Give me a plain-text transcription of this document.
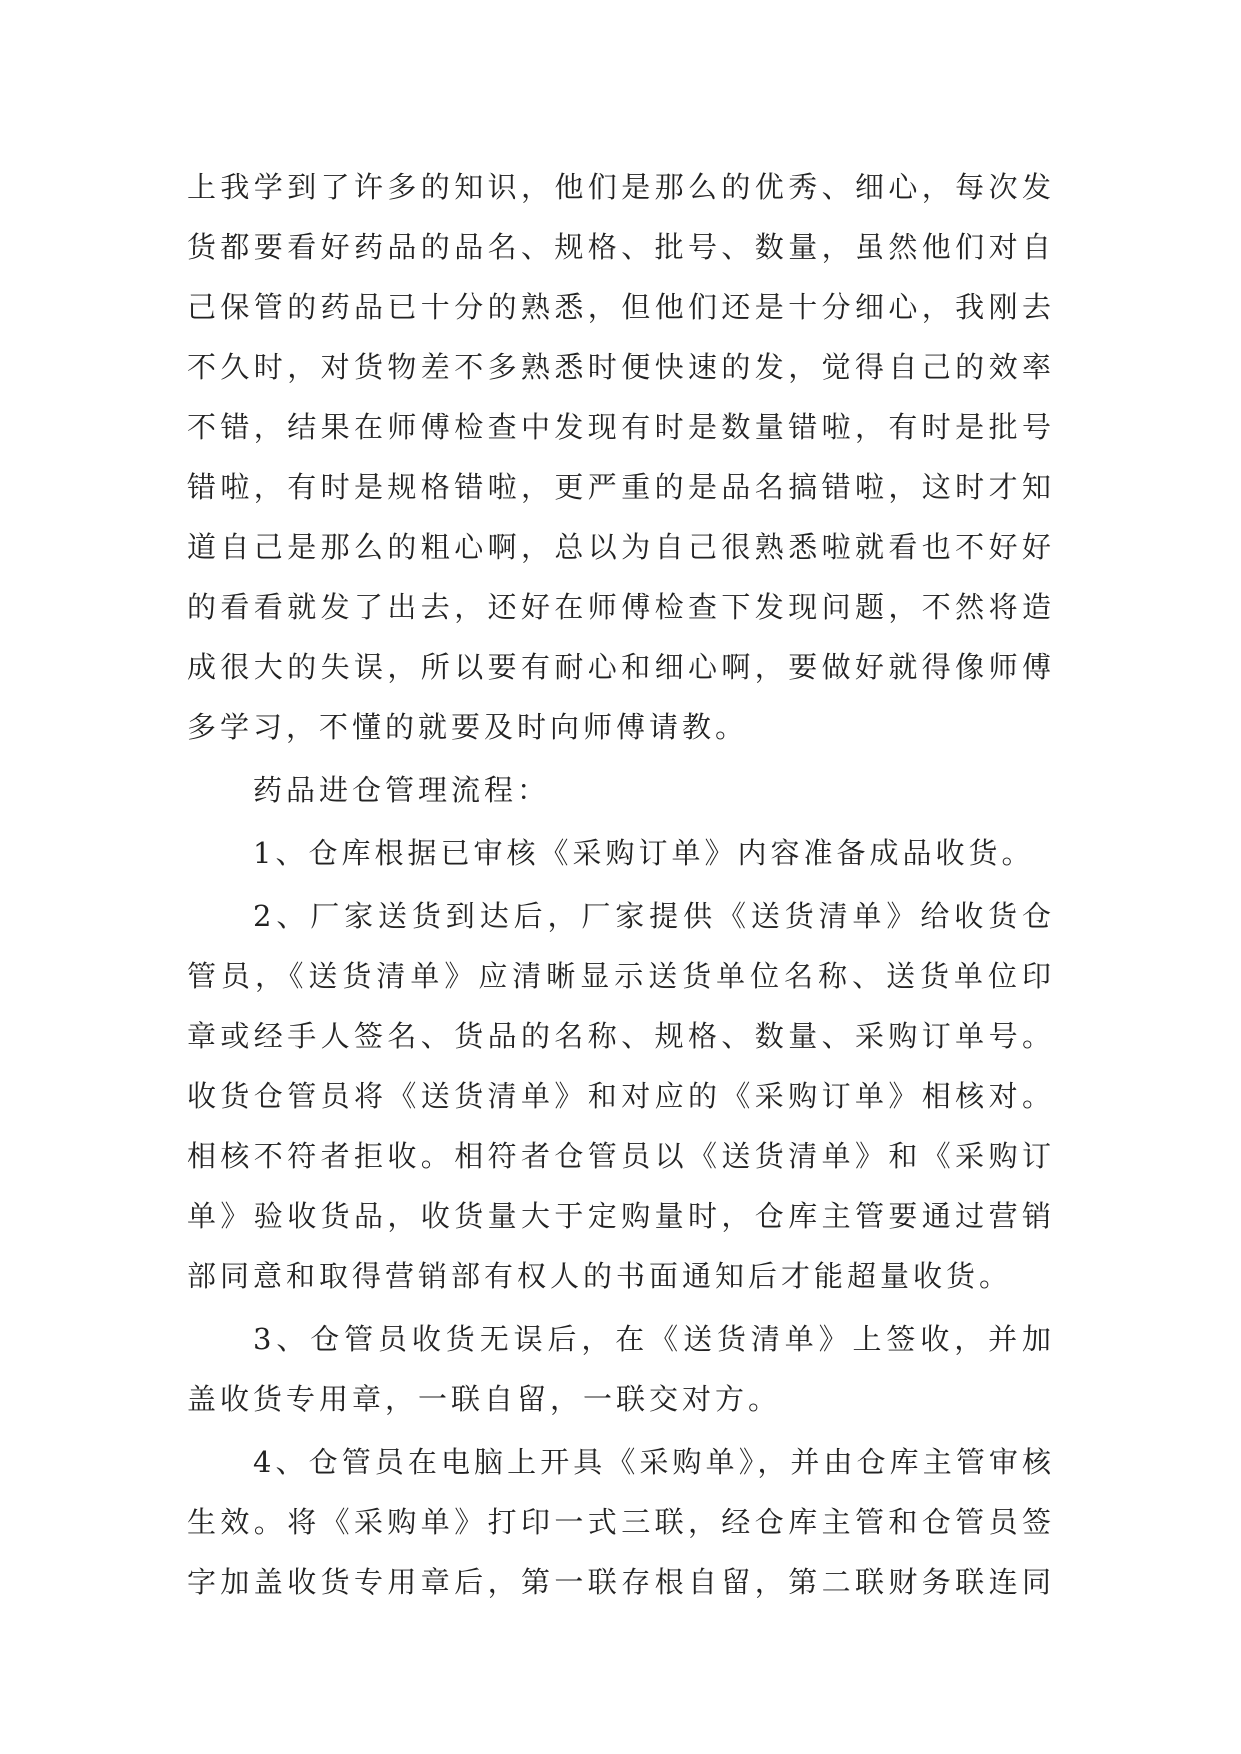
上我学到了许多的知识，他们是那么的优秀、细心，每次发
货都要看好药品的品名、规格、批号、数量，虽然他们对自
己保管的药品已十分的熟悉，但他们还是十分细心，我刚去
不久时，对货物差不多熟悉时便快速的发，觉得自己的效率
不错，结果在师傅检查中发现有时是数量错啦，有时是批号
错啦，有时是规格错啦，更严重的是品名搞错啦，这时才知
道自己是那么的粗心啊，总以为自己很熟悉啦就看也不好好
的看看就发了出去，还好在师傅检查下发现问题，不然将造
成很大的失误，所以要有耐心和细心啊，要做好就得像师傅
多学习，不懂的就要及时向师傅请教。
药品进仓管理流程：
1、仓库根据已审核《采购订单》内容准备成品收货。
2、厂家送货到达后，厂家提供《送货清单》给收货仓
管员，《送货清单》应清晰显示送货单位名称、送货单位印
章或经手人签名、货品的名称、规格、数量、采购订单号。
收货仓管员将《送货清单》和对应的《采购订单》相核对。
相核不符者拒收。相符者仓管员以《送货清单》和《采购订
单》验收货品，收货量大于定购量时，仓库主管要通过营销
部同意和取得营销部有权人的书面通知后才能超量收货。
3、仓管员收货无误后，在《送货清单》上签收，并加
盖收货专用章，一联自留，一联交对方。
4、仓管员在电脑上开具《采购单》，并由仓库主管审核
生效。将《采购单》打印一式三联，经仓库主管和仓管员签
字加盖收货专用章后，第一联存根自留，第二联财务联连同
